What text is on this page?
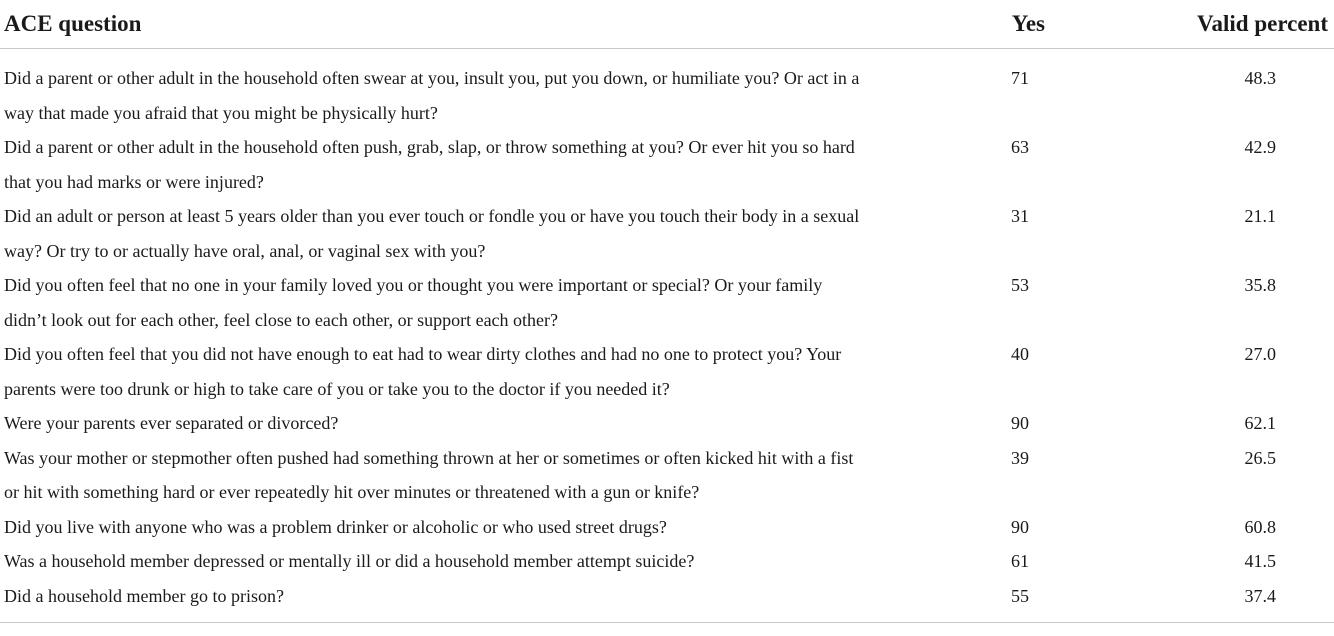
ACE question	Yes	Valid percent
Did a parent or other adult in the household often swear at you, insult you, put you down, or humiliate you? Or act in a way that made you afraid that you might be physically hurt?	71	48.3
Did a parent or other adult in the household often push, grab, slap, or throw something at you? Or ever hit you so hard that you had marks or were injured?	63	42.9
Did an adult or person at least 5 years older than you ever touch or fondle you or have you touch their body in a sexual way? Or try to or actually have oral, anal, or vaginal sex with you?	31	21.1
Did you often feel that no one in your family loved you or thought you were important or special? Or your family didn’t look out for each other, feel close to each other, or support each other?	53	35.8
Did you often feel that you did not have enough to eat had to wear dirty clothes and had no one to protect you? Your parents were too drunk or high to take care of you or take you to the doctor if you needed it?	40	27.0
Were your parents ever separated or divorced?	90	62.1
Was your mother or stepmother often pushed had something thrown at her or sometimes or often kicked hit with a fist or hit with something hard or ever repeatedly hit over minutes or threatened with a gun or knife?	39	26.5
Did you live with anyone who was a problem drinker or alcoholic or who used street drugs?	90	60.8
Was a household member depressed or mentally ill or did a household member attempt suicide?	61	41.5
Did a household member go to prison?	55	37.4
